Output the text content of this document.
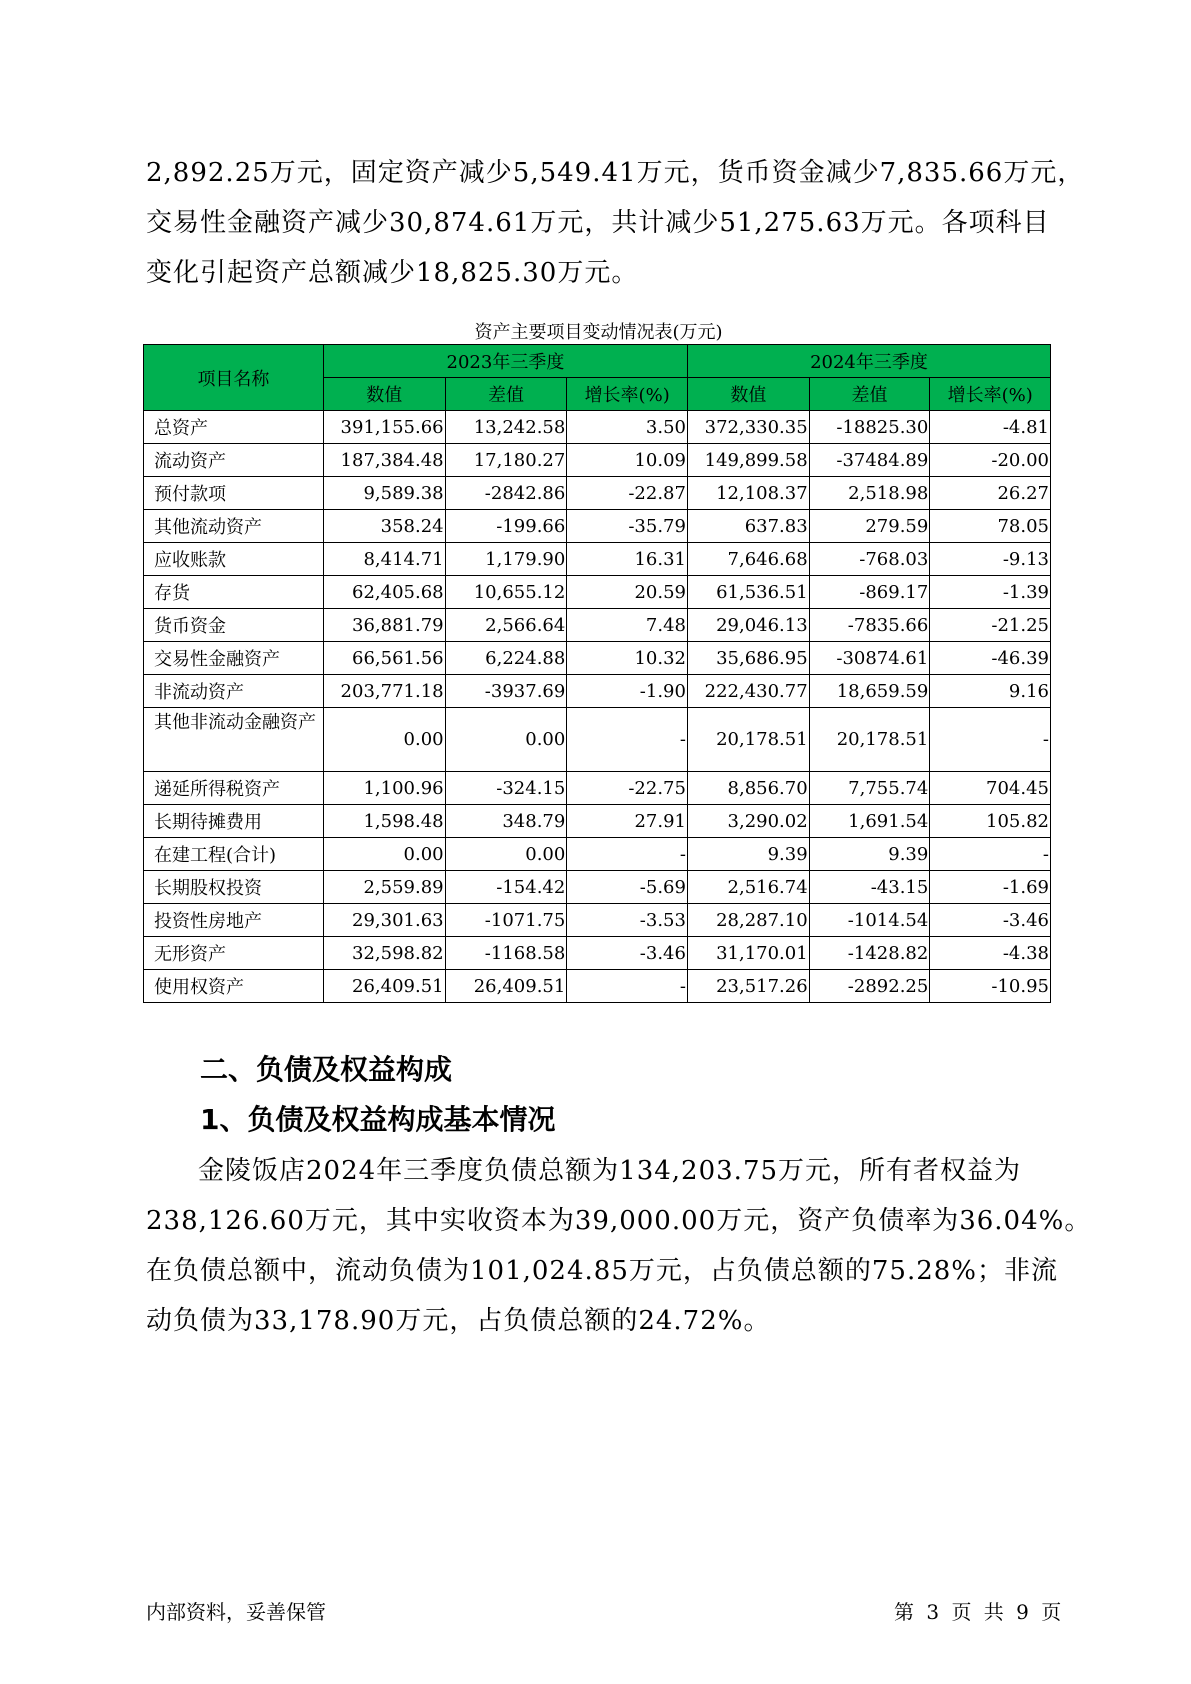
2,892.25万元，固定资产减少5,549.41万元，货币资金减少7,835.66万元，
交易性金融资产减少30,874.61万元，共计减少51,275.63万元。各项科目
变化引起资产总额减少18,825.30万元。

资产主要项目变动情况表(万元)
项目名称	2023年三季度			2024年三季度		
	数值	差值	增长率(%)	数值	差值	增长率(%)
总资产	391,155.66	13,242.58	3.50	372,330.35	-18825.30	-4.81
流动资产	187,384.48	17,180.27	10.09	149,899.58	-37484.89	-20.00
预付款项	9,589.38	-2842.86	-22.87	12,108.37	2,518.98	26.27
其他流动资产	358.24	-199.66	-35.79	637.83	279.59	78.05
应收账款	8,414.71	1,179.90	16.31	7,646.68	-768.03	-9.13
存货	62,405.68	10,655.12	20.59	61,536.51	-869.17	-1.39
货币资金	36,881.79	2,566.64	7.48	29,046.13	-7835.66	-21.25
交易性金融资产	66,561.56	6,224.88	10.32	35,686.95	-30874.61	-46.39
非流动资产	203,771.18	-3937.69	-1.90	222,430.77	18,659.59	9.16
其他非流动金融资产	0.00	0.00	-	20,178.51	20,178.51	-
递延所得税资产	1,100.96	-324.15	-22.75	8,856.70	7,755.74	704.45
长期待摊费用	1,598.48	348.79	27.91	3,290.02	1,691.54	105.82
在建工程(合计)	0.00	0.00	-	9.39	9.39	-
长期股权投资	2,559.89	-154.42	-5.69	2,516.74	-43.15	-1.69
投资性房地产	29,301.63	-1071.75	-3.53	28,287.10	-1014.54	-3.46
无形资产	32,598.82	-1168.58	-3.46	31,170.01	-1428.82	-4.38
使用权资产	26,409.51	26,409.51	-	23,517.26	-2892.25	-10.95
二、负债及权益构成
1、负债及权益构成基本情况

金陵饭店2024年三季度负债总额为134,203.75万元，所有者权益为
238,126.60万元，其中实收资本为39,000.00万元，资产负债率为36.04%。
在负债总额中，流动负债为101,024.85万元，占负债总额的75.28%；非流
动负债为33,178.90万元，占负债总额的24.72%。

内部资料，妥善保管	第 3 页 共 9 页
